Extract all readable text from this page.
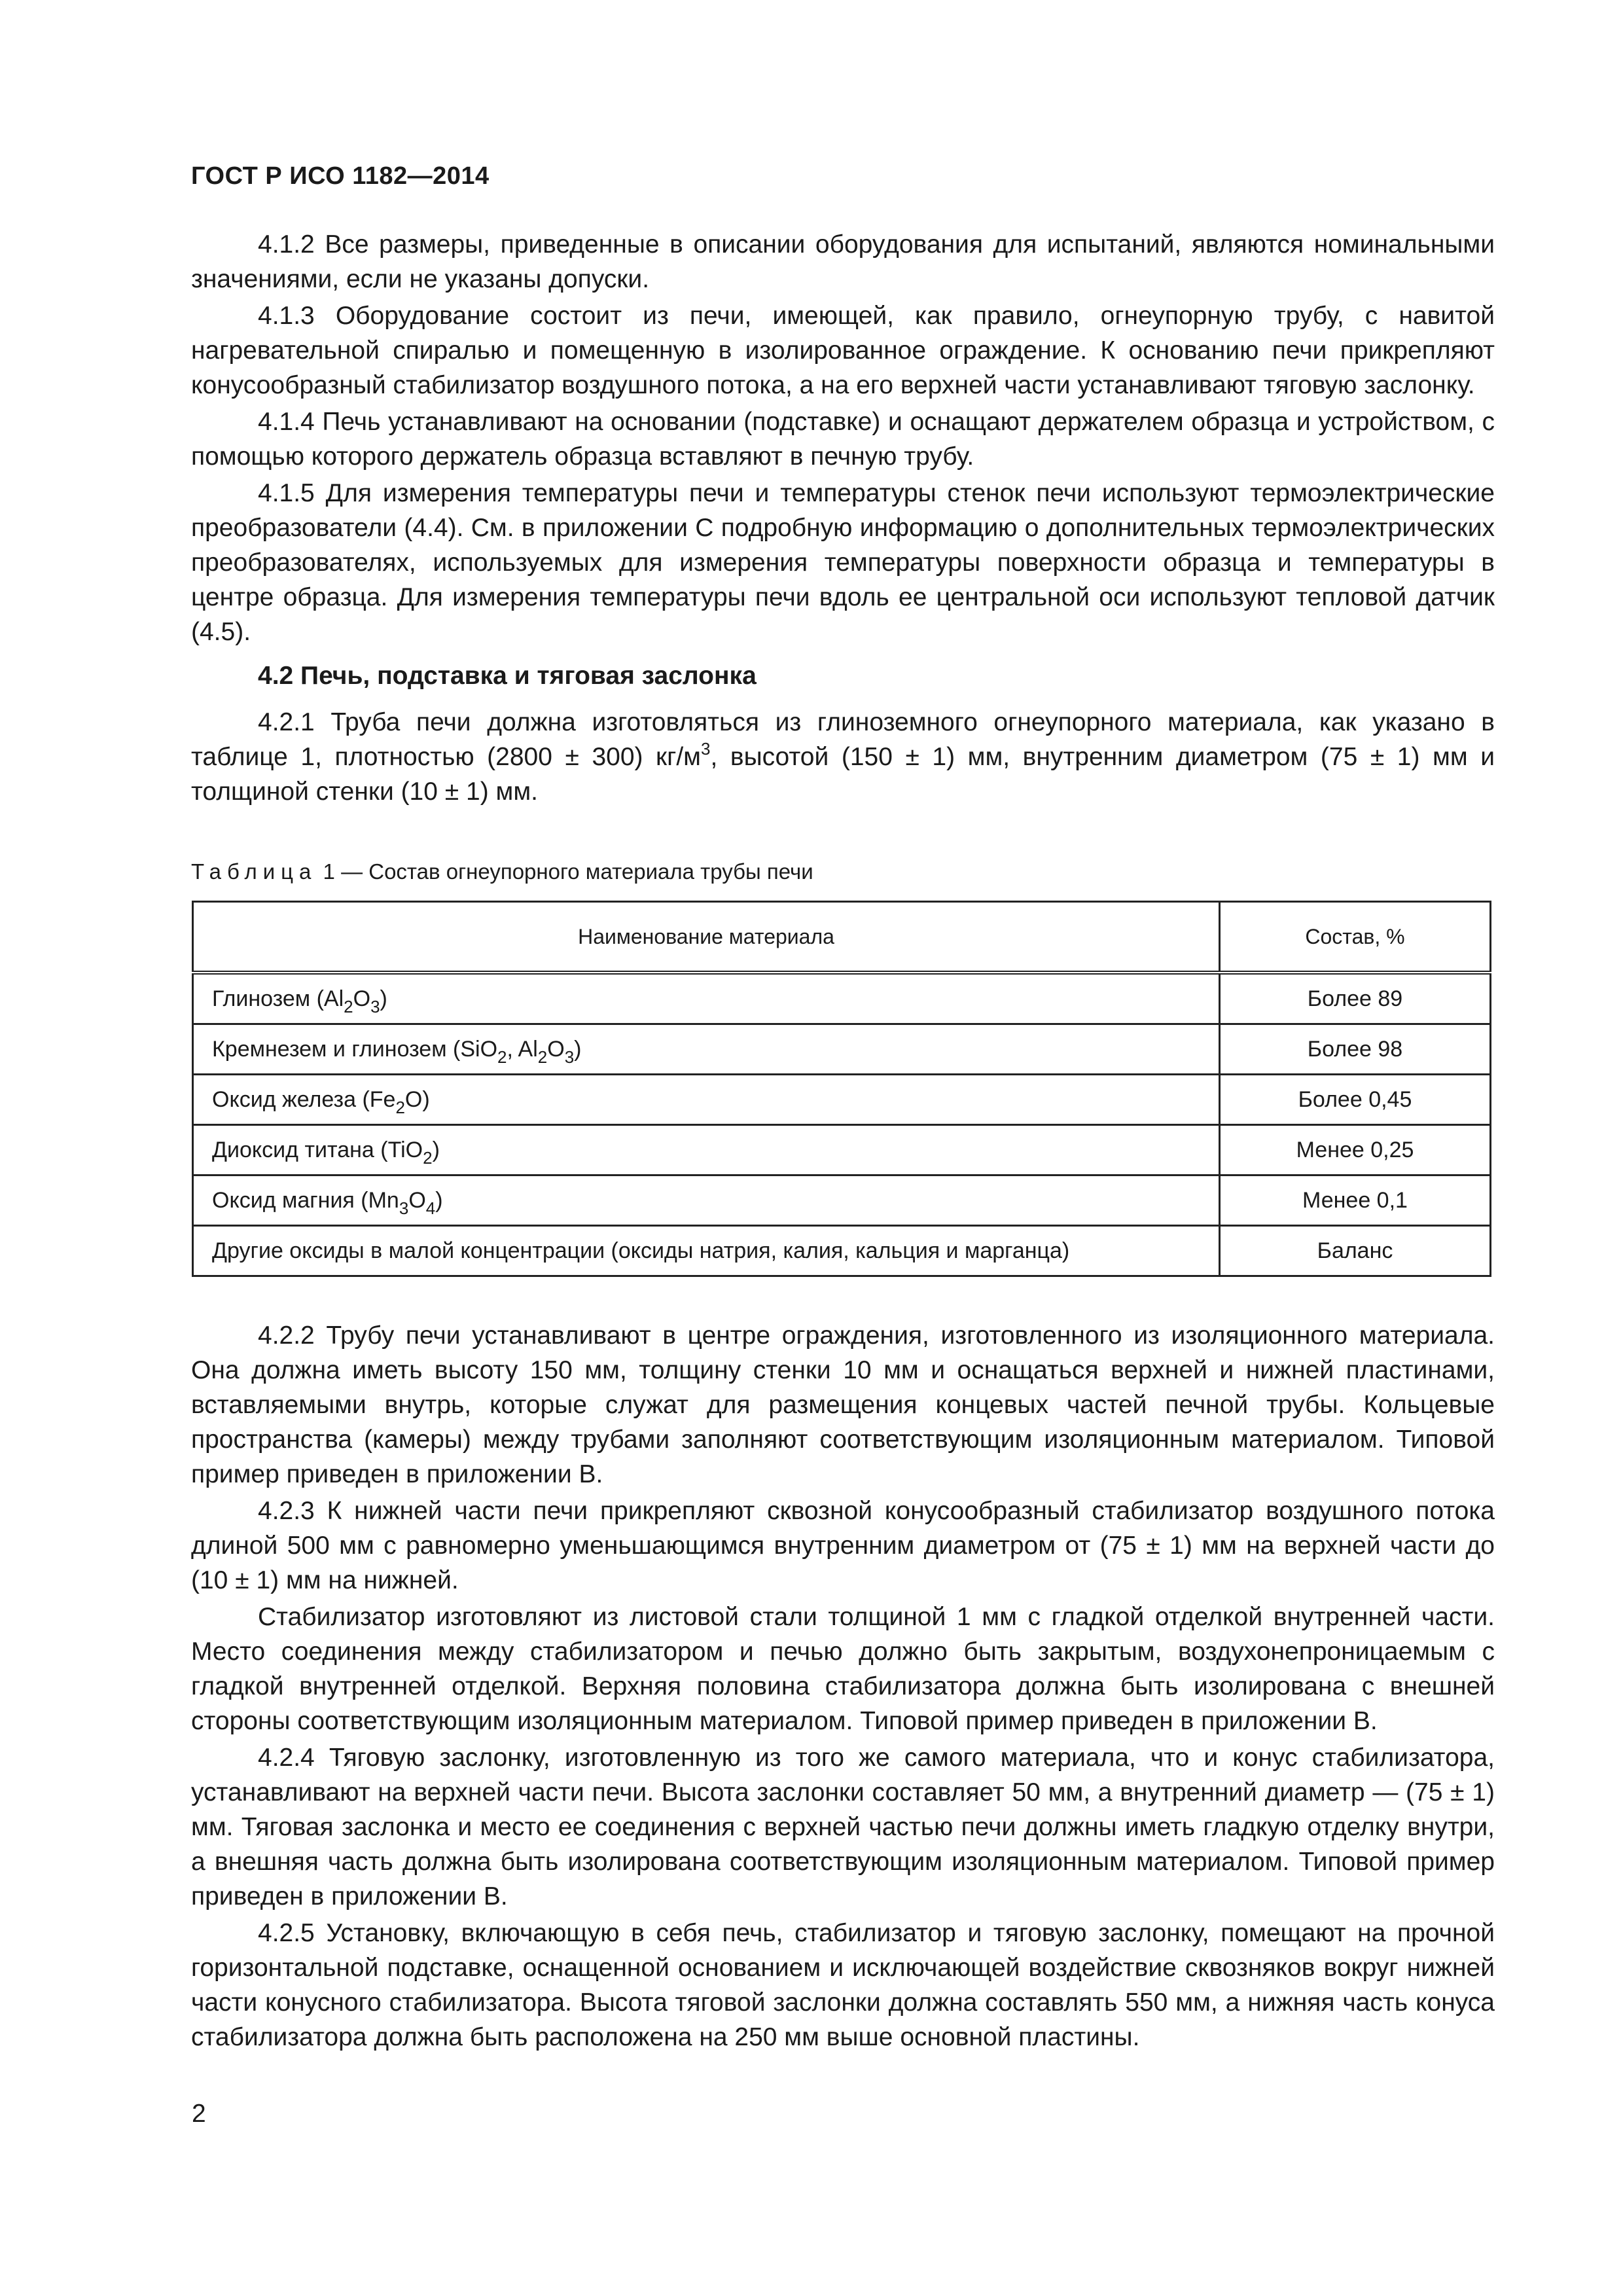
ГОСТ Р ИСО 1182—2014

4.1.2 Все размеры, приведенные в описании оборудования для испытаний, являются номинальными значениями, если не указаны допуски.

4.1.3 Оборудование состоит из печи, имеющей, как правило, огнеупорную трубу, с навитой нагревательной спиралью и помещенную в изолированное ограждение. К основанию печи прикрепляют конусообразный стабилизатор воздушного потока, а на его верхней части устанавливают тяговую заслонку.

4.1.4 Печь устанавливают на основании (подставке) и оснащают держателем образца и устройством, с помощью которого держатель образца вставляют в печную трубу.

4.1.5 Для измерения температуры печи и температуры стенок печи используют термоэлектрические преобразователи (4.4). См. в приложении С подробную информацию о дополнительных термоэлектрических преобразователях, используемых для измерения температуры поверхности образца и температуры в центре образца. Для измерения температуры печи вдоль ее центральной оси используют тепловой датчик (4.5).

4.2 Печь, подставка и тяговая заслонка

4.2.1 Труба печи должна изготовляться из глиноземного огнеупорного материала, как указано в таблице 1, плотностью (2800 ± 300) $кг/м^3$, высотой (150 ± 1) мм, внутренним диаметром (75 ± 1) мм и толщиной стенки (10 ± 1) мм.

Таблица 1 — Состав огнеупорного материала трубы печи
Наименование материала	Состав, %
Глинозем $(Al_2O_3)$	Более 89
Кремнезем и глинозем (SiO$_2$, $Al_2O_3$)	Более 98
Оксид железа $(Fe_2O)$	Более 0,45
Диоксид титана (TiO$_2$)	Менее 0,25
Оксид магния $(Mn_3O_4)$	Менее 0,1
Другие оксиды в малой концентрации (оксиды натрия, калия, кальция и марганца)	Баланс

4.2.2 Трубу печи устанавливают в центре ограждения, изготовленного из изоляционного материала. Она должна иметь высоту 150 мм, толщину стенки 10 мм и оснащаться верхней и нижней пластинами, вставляемыми внутрь, которые служат для размещения концевых частей печной трубы. Кольцевые пространства (камеры) между трубами заполняют соответствующим изоляционным материалом. Типовой пример приведен в приложении В.

4.2.3 К нижней части печи прикрепляют сквозной конусообразный стабилизатор воздушного потока длиной 500 мм с равномерно уменьшающимся внутренним диаметром от (75 ± 1) мм на верхней части до (10 ± 1) мм на нижней.

Стабилизатор изготовляют из листовой стали толщиной 1 мм с гладкой отделкой внутренней части. Место соединения между стабилизатором и печью должно быть закрытым, воздухонепроницаемым с гладкой внутренней отделкой. Верхняя половина стабилизатора должна быть изолирована с внешней стороны соответствующим изоляционным материалом. Типовой пример приведен в приложении В.

4.2.4 Тяговую заслонку, изготовленную из того же самого материала, что и конус стабилизатора, устанавливают на верхней части печи. Высота заслонки составляет 50 мм, а внутренний диаметр — (75 ± 1) мм. Тяговая заслонка и место ее соединения с верхней частью печи должны иметь гладкую отделку внутри, а внешняя часть должна быть изолирована соответствующим изоляционным материалом. Типовой пример приведен в приложении В.

4.2.5 Установку, включающую в себя печь, стабилизатор и тяговую заслонку, помещают на прочной горизонтальной подставке, оснащенной основанием и исключающей воздействие сквозняков вокруг нижней части конусного стабилизатора. Высота тяговой заслонки должна составлять 550 мм, а нижняя часть конуса стабилизатора должна быть расположена на 250 мм выше основной пластины.

2
